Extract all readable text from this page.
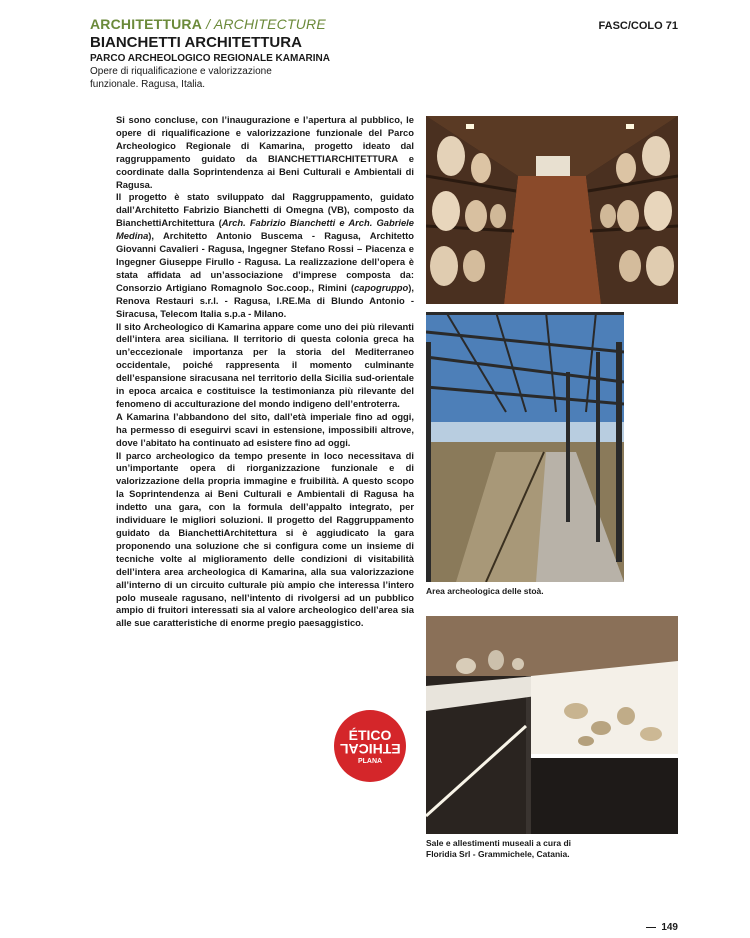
ARCHITETTURA / ARCHITECTURE	FASC/COLO 71
BIANCHETTI ARCHITETTURA
PARCO ARCHEOLOGICO REGIONALE KAMARINA
Opere di riqualificazione e valorizzazione
funzionale. Ragusa, Italia.

Si sono concluse, con l’inaugurazione e l’apertura al pubblico, le opere di riqualificazione e valorizzazione funzionale del Parco Archeologico Regionale di Kamarina, progetto ideato dal raggruppamento guidato da BIANCHETTIARCHITETTURA e coordinate dalla Soprintendenza ai Beni Culturali e Ambientali di Ragusa.

Il progetto è stato sviluppato dal Raggruppamento, guidato dall’Architetto Fabrizio Bianchetti di Omegna (VB), composto da BianchettiArchitettura (Arch. Fabrizio Bianchetti e Arch. Gabriele Medina), Architetto Antonio Buscema - Ragusa, Architetto Giovanni Cavalieri - Ragusa, Ingegner Stefano Rossi – Piacenza e Ingegner Giuseppe Firullo - Ragusa. La realizzazione dell’opera è stata affidata ad un’associazione d’imprese composta da: Consorzio Artigiano Romagnolo Soc.coop., Rimini (capogruppo), Renova Restauri s.r.l. - Ragusa, I.RE.Ma di Blundo Antonio - Siracusa, Telecom Italia s.p.a - Milano.

Il sito Archeologico di Kamarina appare come uno dei più rilevanti dell’intera area siciliana. Il territorio di questa colonia greca ha un’eccezionale importanza per la storia del Mediterraneo occidentale, poiché rappresenta il momento culminante dell’espansione siracusana nel territorio della Sicilia sud-orientale in epoca arcaica e costituisce la testimonianza più rilevante del fenomeno di acculturazione del mondo indigeno dell’entroterra.

A Kamarina l’abbandono del sito, dall’età imperiale fino ad oggi, ha permesso di eseguirvi scavi in estensione, impossibili altrove, dove l’abitato ha continuato ad esistere fino ad oggi.

Il parco archeologico da tempo presente in loco necessitava di un’importante opera di riorganizzazione funzionale e di valorizzazione della propria immagine e fruibilità. A questo scopo la Soprintendenza ai Beni Culturali e Ambientali di Ragusa ha indetto una gara, con la formula dell’appalto integrato, per individuare le migliori soluzioni. Il progetto del Raggruppamento guidato da BianchettiArchitettura si è aggiudicato la gara proponendo una soluzione che si configura come un insieme di tecniche volte al miglioramento delle condizioni di visitabilità dell’intera area archeologica di Kamarina, alla sua valorizzazione all’interno di un circuito culturale più ampio che interessa l’intero polo museale ragusano, nell’intento di rivolgersi ad un pubblico ampio di fruitori interessati sia al valore archeologico dell’area sia alle sue caratteristiche di enorme pregio paesaggistico.

Area archeologica delle stoà.
Sale e allestimenti museali a cura di
Floridia Srl - Grammichele, Catania.
ÉTICO
ETHICAL
PLANA
149
